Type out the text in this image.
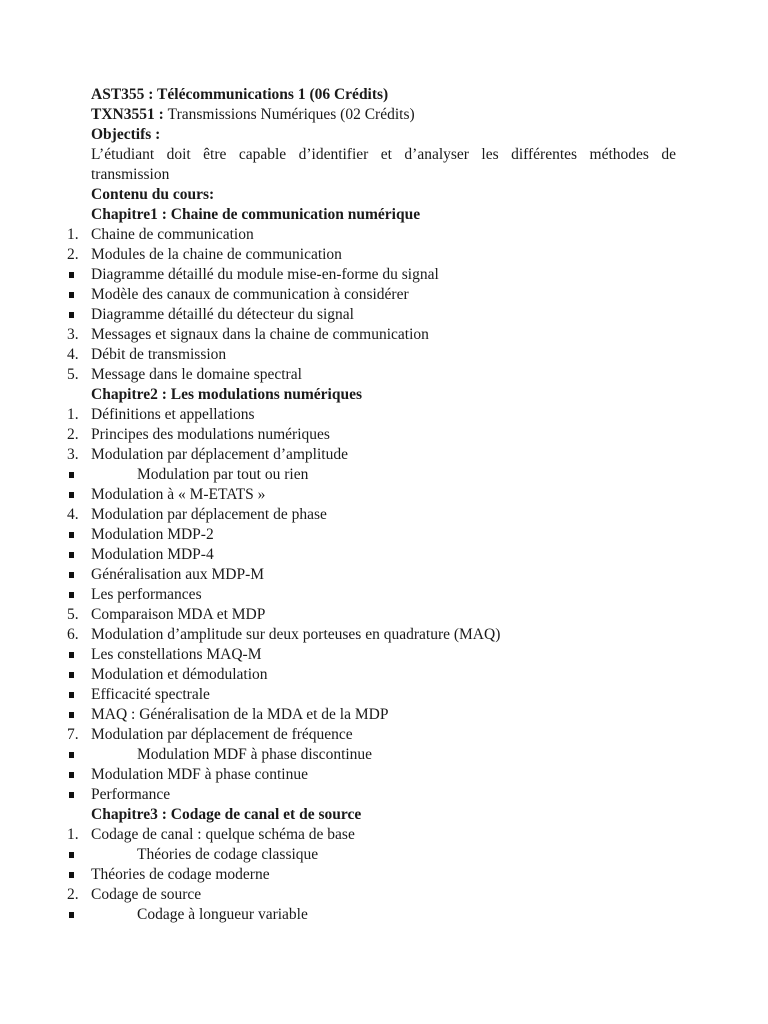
AST355 : Télécommunications 1 (06 Crédits)
TXN3551 : Transmissions Numériques (02 Crédits)
Objectifs :
L’étudiant doit être capable d’identifier et d’analyser les différentes méthodes de
transmission
Contenu du cours:
Chapitre1 : Chaine de communication numérique
1. Chaine de communication
2. Modules de la chaine de communication
Diagramme détaillé du module mise-en-forme du signal
Modèle des canaux de communication à considérer
Diagramme détaillé du détecteur du signal
3. Messages et signaux dans la chaine de communication
4. Débit de transmission
5. Message dans le domaine spectral
Chapitre2 : Les modulations numériques
1. Définitions et appellations
2. Principes des modulations numériques
3. Modulation par déplacement d’amplitude
Modulation par tout ou rien
Modulation à « M-ETATS »
4. Modulation par déplacement de phase
Modulation MDP-2
Modulation MDP-4
Généralisation aux MDP-M
Les performances
5. Comparaison MDA et MDP
6. Modulation d’amplitude sur deux porteuses en quadrature (MAQ)
Les constellations MAQ-M
Modulation et démodulation
Efficacité spectrale
MAQ : Généralisation de la MDA et de la MDP
7. Modulation par déplacement de fréquence
Modulation MDF à phase discontinue
Modulation MDF à phase continue
Performance
Chapitre3 : Codage de canal et de source
1. Codage de canal : quelque schéma de base
Théories de codage classique
Théories de codage moderne
2. Codage de source
Codage à longueur variable
